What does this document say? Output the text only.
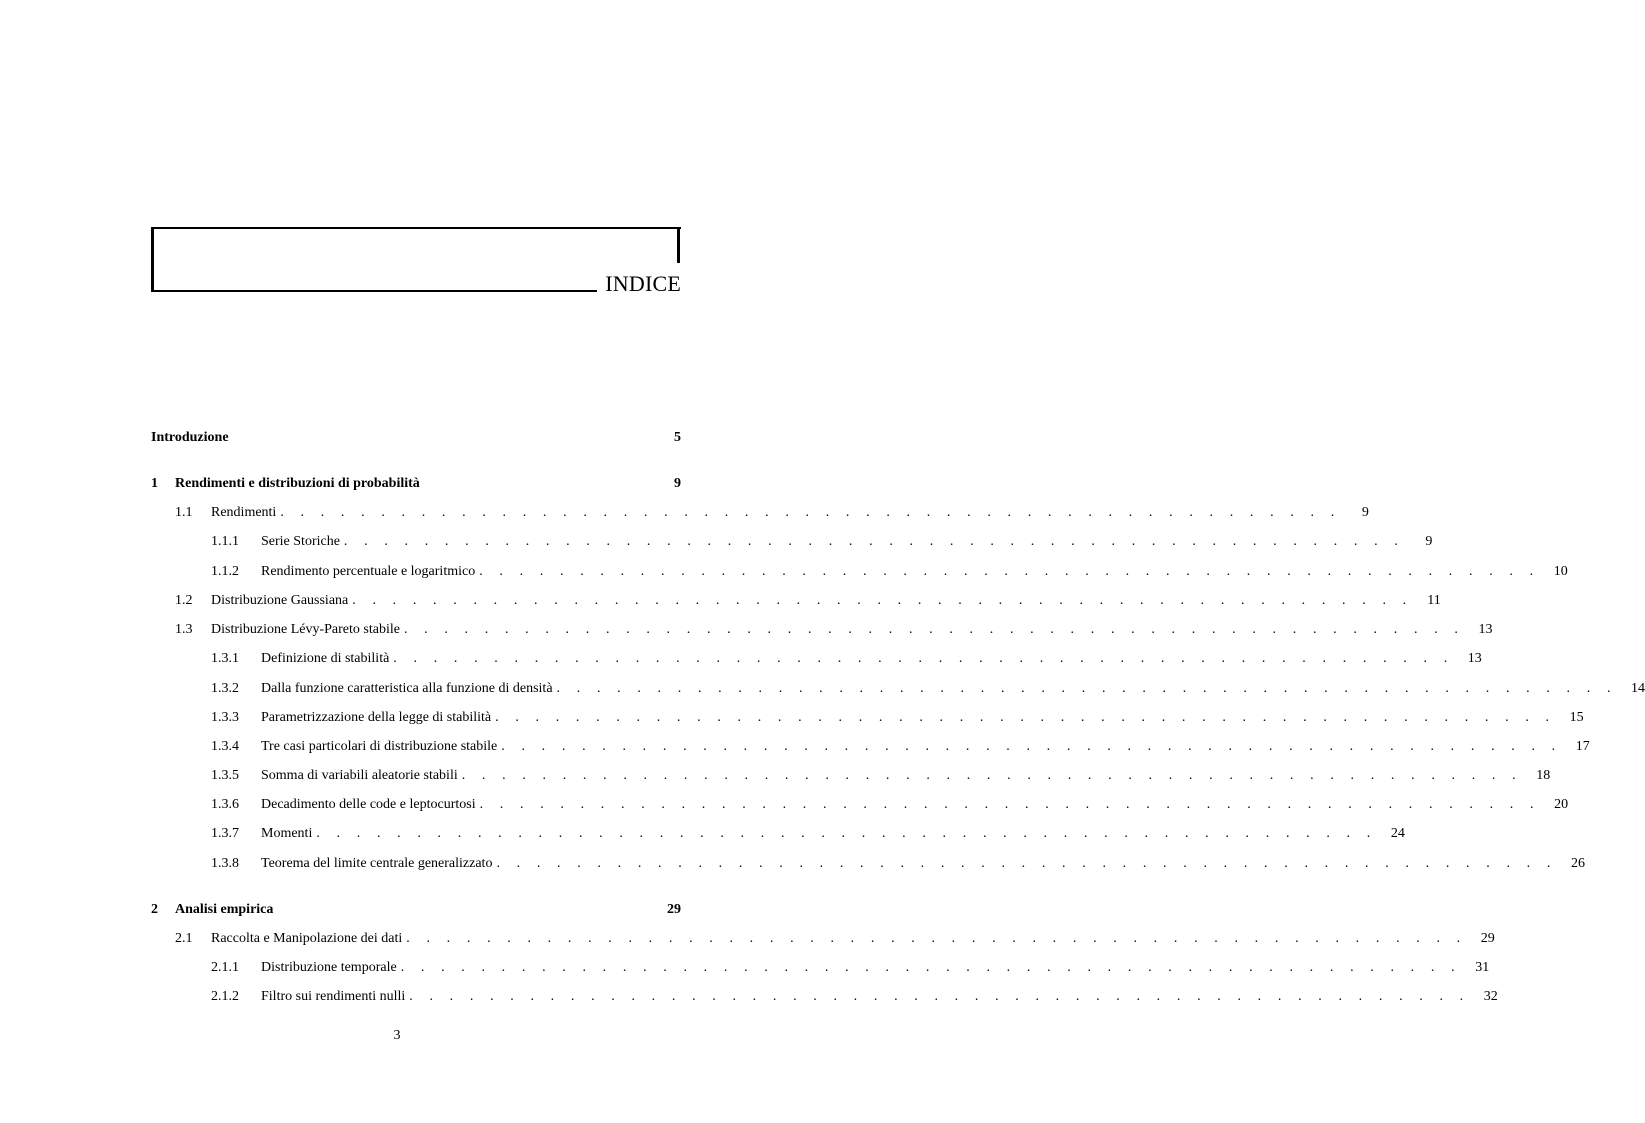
INDICE
Introduzione	5
1	Rendimenti e distribuzioni di probabilità	9
1.1	Rendimenti . . . . . . . . . . . . . . . . . . . . . . . . . . . . . . . . . . . . . . . . . . . . . . . . . . . . .	9
1.1.1	Serie Storiche . . . . . . . . . . . . . . . . . . . . . . . . . . . . . . . . . . . . . . . . . . . . . . . . . . . . .	9
1.1.2	Rendimento percentuale e logaritmico . . . . . . . . . . . . . . . . . . . . . . . . . . . . . . . . . . . . . . . . . . . . . . . . . . . . .	10
1.2	Distribuzione Gaussiana . . . . . . . . . . . . . . . . . . . . . . . . . . . . . . . . . . . . . . . . . . . . . . . . . . . . .	11
1.3	Distribuzione Lévy-Pareto stabile . . . . . . . . . . . . . . . . . . . . . . . . . . . . . . . . . . . . . . . . . . . . . . . . . . . . .	13
1.3.1	Definizione di stabilità . . . . . . . . . . . . . . . . . . . . . . . . . . . . . . . . . . . . . . . . . . . . . . . . . . . . .	13
1.3.2	Dalla funzione caratteristica alla funzione di densità . . . . . . . . . . . . . . . . . . . . . . . . . . . . . . . . . . . . . . . . . . . . . . . . . . . . .	14
1.3.3	Parametrizzazione della legge di stabilità . . . . . . . . . . . . . . . . . . . . . . . . . . . . . . . . . . . . . . . . . . . . . . . . . . . . .	15
1.3.4	Tre casi particolari di distribuzione stabile . . . . . . . . . . . . . . . . . . . . . . . . . . . . . . . . . . . . . . . . . . . . . . . . . . . . .	17
1.3.5	Somma di variabili aleatorie stabili . . . . . . . . . . . . . . . . . . . . . . . . . . . . . . . . . . . . . . . . . . . . . . . . . . . . .	18
1.3.6	Decadimento delle code e leptocurtosi . . . . . . . . . . . . . . . . . . . . . . . . . . . . . . . . . . . . . . . . . . . . . . . . . . . . .	20
1.3.7	Momenti . . . . . . . . . . . . . . . . . . . . . . . . . . . . . . . . . . . . . . . . . . . . . . . . . . . . .	24
1.3.8	Teorema del limite centrale generalizzato . . . . . . . . . . . . . . . . . . . . . . . . . . . . . . . . . . . . . . . . . . . . . . . . . . . . .	26
2	Analisi empirica	29
2.1	Raccolta e Manipolazione dei dati . . . . . . . . . . . . . . . . . . . . . . . . . . . . . . . . . . . . . . . . . . . . . . . . . . . . .	29
2.1.1	Distribuzione temporale . . . . . . . . . . . . . . . . . . . . . . . . . . . . . . . . . . . . . . . . . . . . . . . . . . . . .	31
2.1.2	Filtro sui rendimenti nulli . . . . . . . . . . . . . . . . . . . . . . . . . . . . . . . . . . . . . . . . . . . . . . . . . . . . .	32
3
